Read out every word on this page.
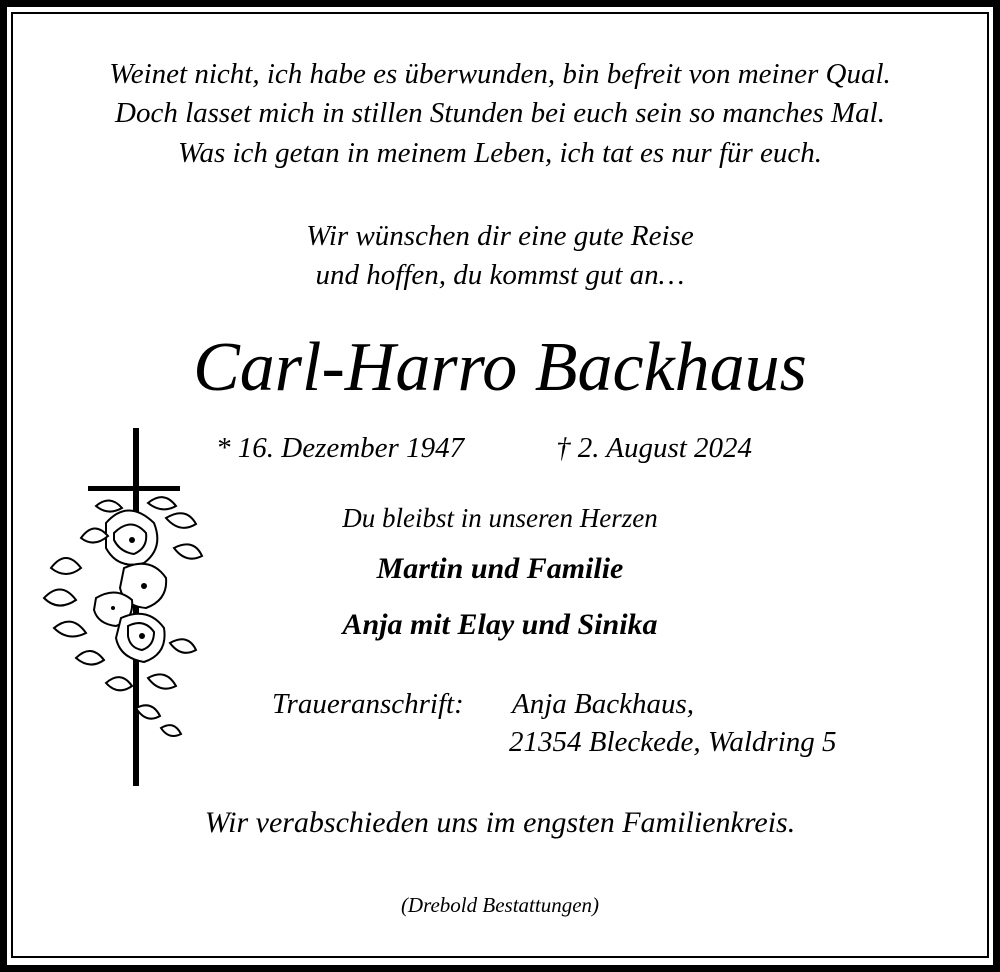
Weinet nicht, ich habe es überwunden, bin befreit von meiner Qual.
Doch lasset mich in stillen Stunden bei euch sein so manches Mal.
Was ich getan in meinem Leben, ich tat es nur für euch.
Wir wünschen dir eine gute Reise
und hoffen, du kommst gut an…
Carl-Harro Backhaus
* 16. Dezember 1947	† 2. August 2024
Du bleibst in unseren Herzen
Martin und Familie
Anja mit Elay und Sinika
Traueranschrift: Anja Backhaus,
21354 Bleckede, Waldring 5
Wir verabschieden uns im engsten Familienkreis.
(Drebold Bestattungen)
